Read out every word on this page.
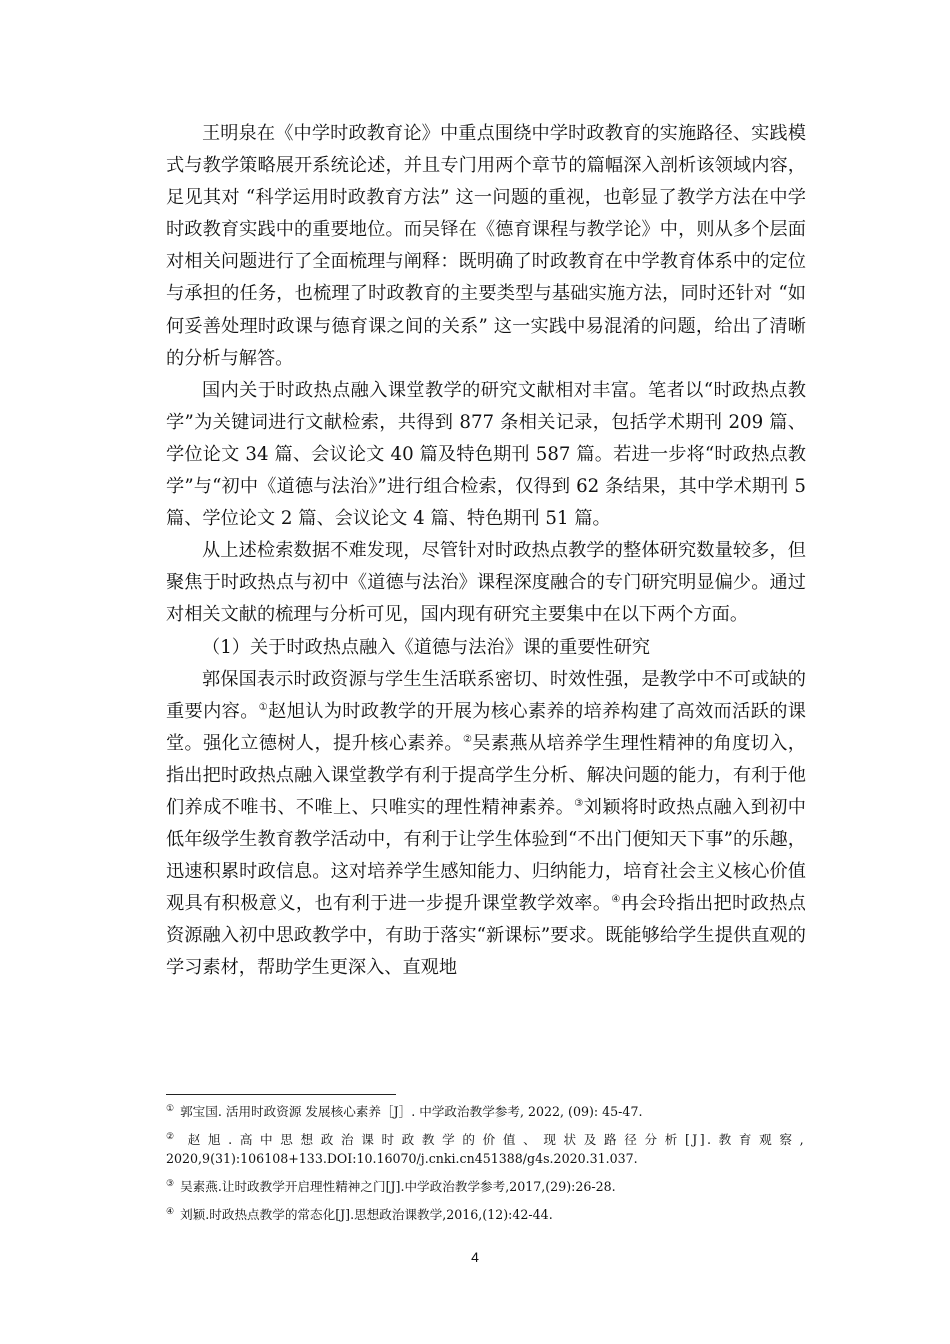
王明泉在《中学时政教育论》中重点围绕中学时政教育的实施路径、实践模式与教学策略展开系统论述，并且专门用两个章节的篇幅深入剖析该领域内容，足见其对 “科学运用时政教育方法” 这一问题的重视，也彰显了教学方法在中学时政教育实践中的重要地位。而吴铎在《德育课程与教学论》中，则从多个层面对相关问题进行了全面梳理与阐释：既明确了时政教育在中学教育体系中的定位与承担的任务，也梳理了时政教育的主要类型与基础实施方法，同时还针对 “如何妥善处理时政课与德育课之间的关系” 这一实践中易混淆的问题，给出了清晰的分析与解答。

国内关于时政热点融入课堂教学的研究文献相对丰富。笔者以“时政热点教学”为关键词进行文献检索，共得到 877 条相关记录，包括学术期刊 209 篇、学位论文 34 篇、会议论文 40 篇及特色期刊 587 篇。若进一步将“时政热点教学”与“初中《道德与法治》”进行组合检索，仅得到 62 条结果，其中学术期刊 5 篇、学位论文 2 篇、会议论文 4 篇、特色期刊 51 篇。

从上述检索数据不难发现，尽管针对时政热点教学的整体研究数量较多，但聚焦于时政热点与初中《道德与法治》课程深度融合的专门研究明显偏少。通过对相关文献的梳理与分析可见，国内现有研究主要集中在以下两个方面。

（1）关于时政热点融入《道德与法治》课的重要性研究

郭保国表示时政资源与学生生活联系密切、时效性强，是教学中不可或缺的重要内容。①赵旭认为时政教学的开展为核心素养的培养构建了高效而活跃的课堂。强化立德树人，提升核心素养。②吴素燕从培养学生理性精神的角度切入，指出把时政热点融入课堂教学有利于提高学生分析、解决问题的能力，有利于他们养成不唯书、不唯上、只唯实的理性精神素养。③刘颖将时政热点融入到初中低年级学生教育教学活动中，有利于让学生体验到“不出门便知天下事”的乐趣，迅速积累时政信息。这对培养学生感知能力、归纳能力，培育社会主义核心价值观具有积极意义，也有利于进一步提升课堂教学效率。④冉会玲指出把时政热点资源融入初中思政教学中，有助于落实“新课标”要求。既能够给学生提供直观的学习素材，帮助学生更深入、直观地

① 郭宝国. 活用时政资源 发展核心素养［J］. 中学政治教学参考, 2022, (09): 45-47.
② 赵旭.高中思想政治课时政教学的价值、现状及路径分析[J].教育观察,
2020,9(31):106108+133.DOI:10.16070/j.cnki.cn451388/g4s.2020.31.037.
③ 吴素燕.让时政教学开启理性精神之门[J].中学政治教学参考,2017,(29):26-28.
④ 刘颖.时政热点教学的常态化[J].思想政治课教学,2016,(12):42-44.
4
